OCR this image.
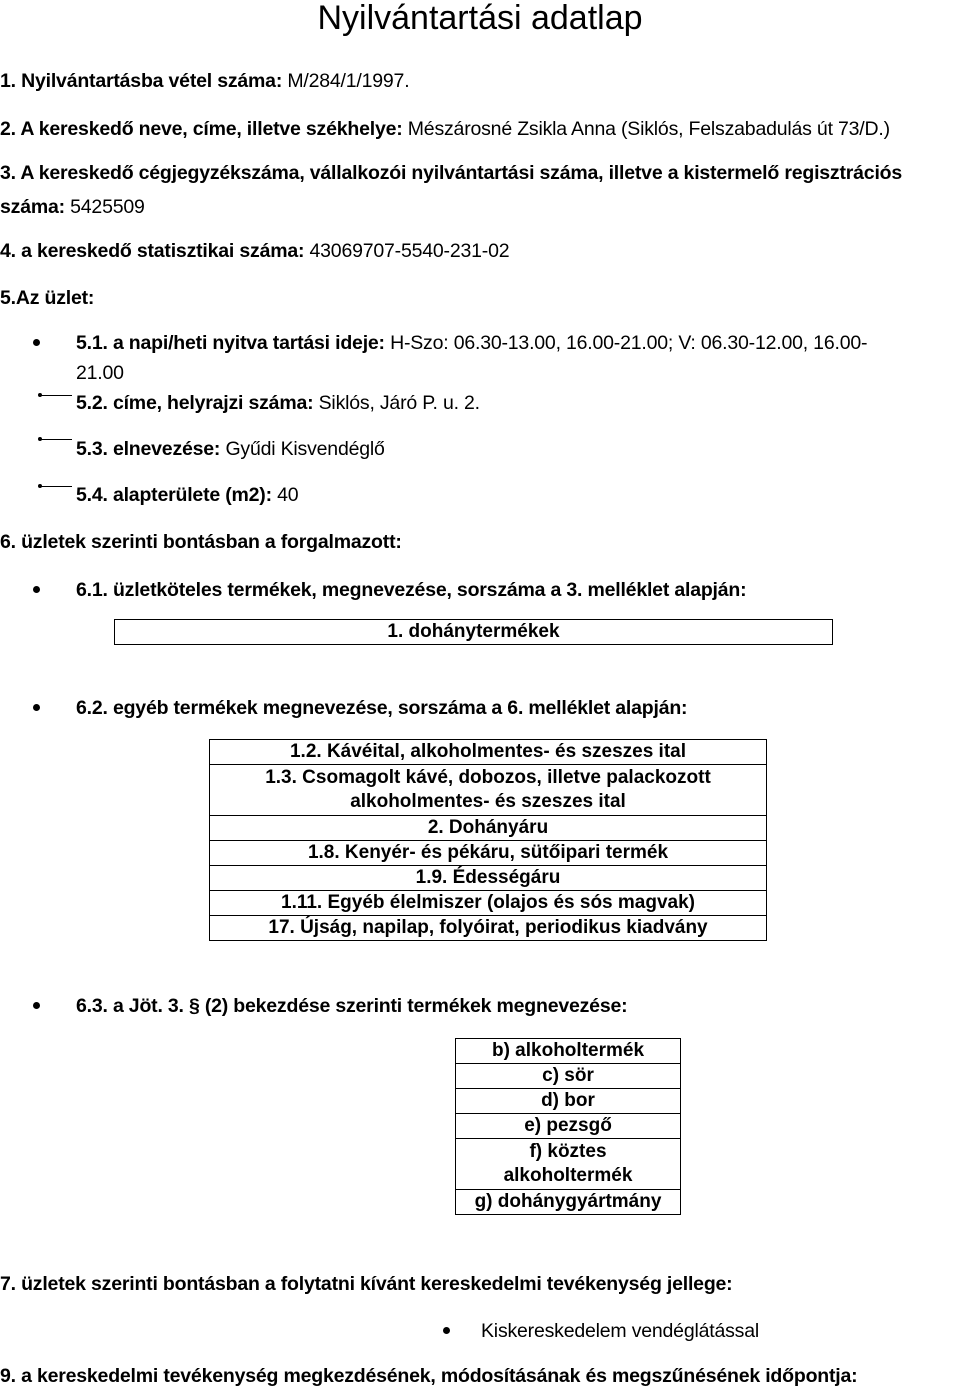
Nyilvántartási adatlap
1. Nyilvántartásba vétel száma: M/284/1/1997.
2. A kereskedő neve, címe, illetve székhelye: Mészárosné Zsikla Anna (Siklós, Felszabadulás út 73/D.)
3. A kereskedő cégjegyzékszáma, vállalkozói nyilvántartási száma, illetve a kistermelő regisztrációs
száma: 5425509
4. a kereskedő statisztikai száma: 43069707-5540-231-02
5.Az üzlet:
5.1. a napi/heti nyitva tartási ideje: H-Szo: 06.30-13.00, 16.00-21.00; V: 06.30-12.00, 16.00-
21.00
5.2. címe, helyrajzi száma: Siklós, Járó P. u. 2.
5.3. elnevezése: Gyűdi Kisvendéglő
5.4. alapterülete (m2): 40
6. üzletek szerinti bontásban a forgalmazott:
6.1. üzletköteles termékek, megnevezése, sorszáma a 3. melléklet alapján:
1. dohánytermékek
6.2. egyéb termékek megnevezése, sorszáma a 6. melléklet alapján:
1.2. Kávéital, alkoholmentes- és szeszes ital
1.3. Csomagolt kávé, dobozos, illetve palackozott
alkoholmentes- és szeszes ital
2. Dohányáru
1.8. Kenyér- és pékáru, sütőipari termék
1.9. Édességáru
1.11. Egyéb élelmiszer (olajos és sós magvak)
17. Újság, napilap, folyóirat, periodikus kiadvány
6.3. a Jöt. 3. § (2) bekezdése szerinti termékek megnevezése:
b) alkoholtermék
c) sör
d) bor
e) pezsgő
f) köztes
alkoholtermék
g) dohánygyártmány
7. üzletek szerinti bontásban a folytatni kívánt kereskedelmi tevékenység jellege:
Kiskereskedelem vendéglátással
9. a kereskedelmi tevékenység megkezdésének, módosításának és megszűnésének időpontja:
